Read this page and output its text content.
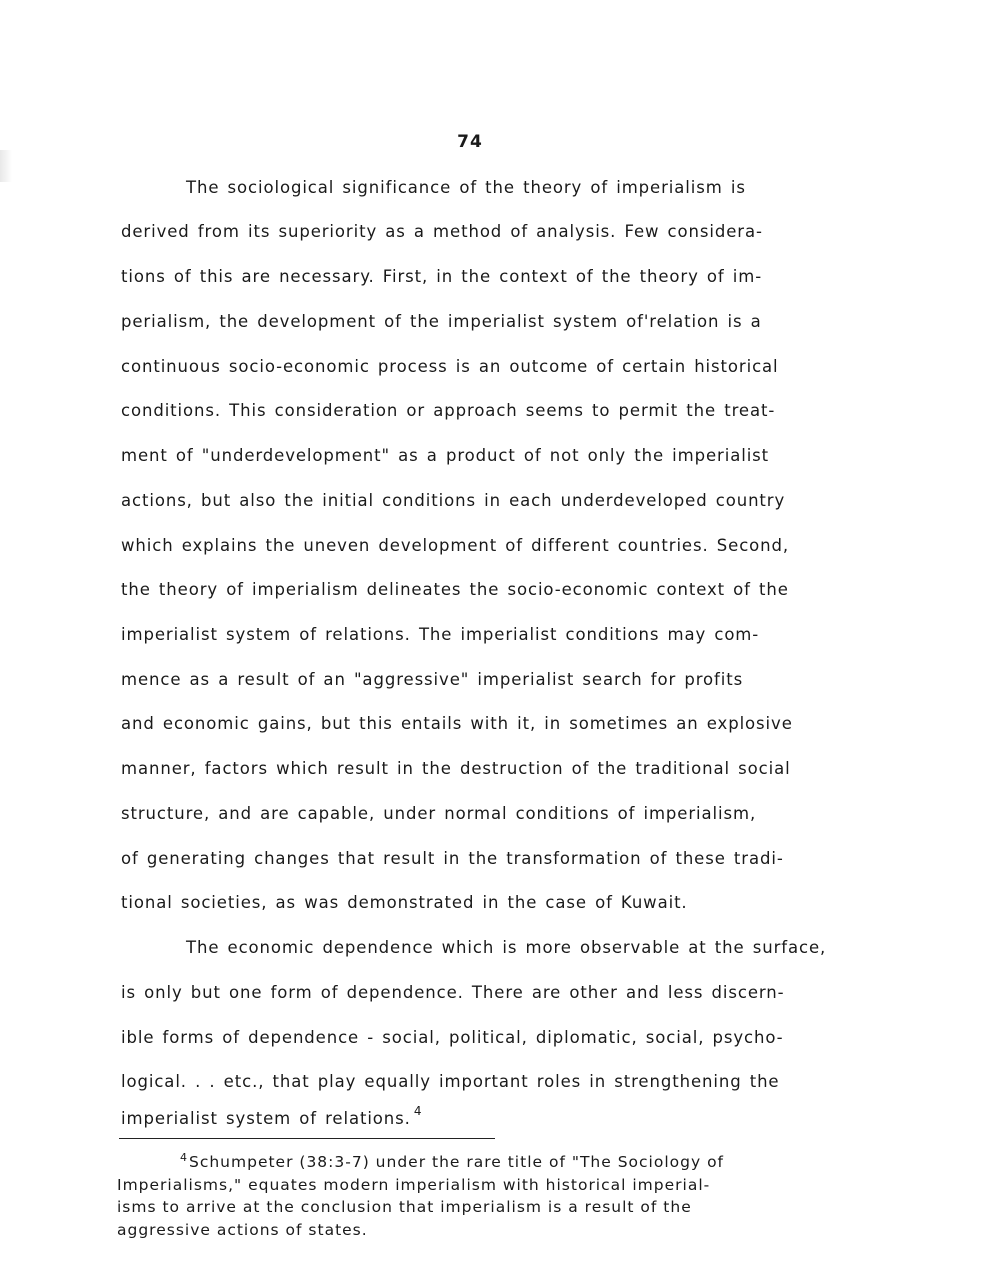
74
The sociological significance of the theory of imperialism is
derived from its superiority as a method of analysis. Few considera-
tions of this are necessary. First, in the context of the theory of im-
perialism, the development of the imperialist system of'relation is a
continuous socio-economic process is an outcome of certain historical
conditions. This consideration or approach seems to permit the treat-
ment of "underdevelopment" as a product of not only the imperialist
actions, but also the initial conditions in each underdeveloped country
which explains the uneven development of different countries. Second,
the theory of imperialism delineates the socio-economic context of the
imperialist system of relations. The imperialist conditions may com-
mence as a result of an "aggressive" imperialist search for profits
and economic gains, but this entails with it, in sometimes an explosive
manner, factors which result in the destruction of the traditional social
structure, and are capable, under normal conditions of imperialism,
of generating changes that result in the transformation of these tradi-
tional societies, as was demonstrated in the case of Kuwait.
The economic dependence which is more observable at the surface,
is only but one form of dependence. There are other and less discern-
ible forms of dependence - social, political, diplomatic, social, psycho-
logical. . . etc., that play equally important roles in strengthening the
imperialist system of relations. $^4$
$^4$Schumpeter (38:3-7) under the rare title of "The Sociology of
Imperialisms," equates modern imperialism with historical imperial-
isms to arrive at the conclusion that imperialism is a result of the
aggressive actions of states.
